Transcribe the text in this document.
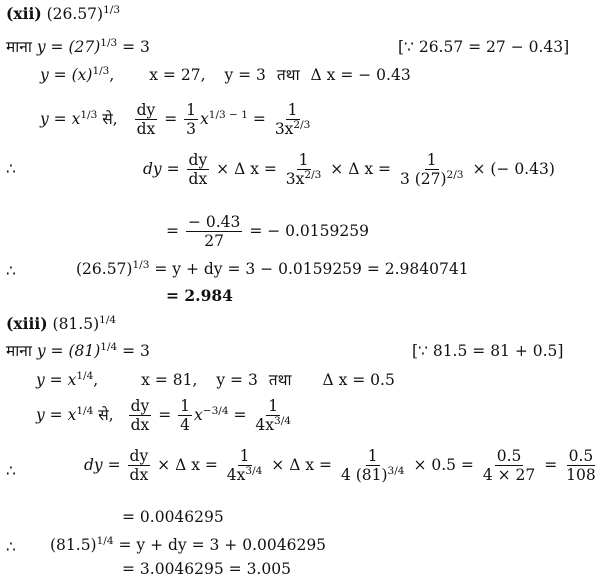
(xii) $(26.57)^{1/3}$
माना $y = (27)^{1/3} = 3$	[∵ 26.57 = 27 − 0.43]
$y = (x)^{1/3}$, x = 27, y = 3 तथा Δ x = − 0.43
$y = x^{1/3}$ से, $\frac{dy}{dx} = \frac{1}{3} x^{1/3 - 1} = \frac{1}{3x^{2/3}}$
∴	dy = $\frac{dy}{dx} \times \Delta$ $x = \frac{1}{3x^{2/3}} \times \Delta$ $x = \frac{1}{3 (27)^{2/3}}$ × (− 0.43)
= $\frac{- 0.43}{27}$ = − 0.0159259
∴	$(26.57)^{1/3} = y$ + dy = 3 − 0.0159259 = 2.9840741
= 2.984
(xiii) $(81.5)^{1/4}$
माना $y = (81)^{1/4} = 3$	[∵ 81.5 = 81 + 0.5]
$y = x^{1/4}$,	x = 81, y = 3 तथा Δ x = 0.5
$y = x^{1/4}$ से, $\frac{dy}{dx} = \frac{1}{4} x^{-3/4} = \frac{1}{4x^{3/4}}$
∴	dy = $\frac{dy}{dx} \times \Delta$ $x = \frac{1}{4x^{3/4}} \times \Delta$ $x = \frac{1}{4 (81)^{3/4}} \times 0.5 = \frac{0.5}{4 \times 27} = \frac{0.5}{108}$
= 0.0046295
∴ $(81.5)^{1/4} = y$ + dy = 3 + 0.0046295
= 3.0046295 = 3.005
